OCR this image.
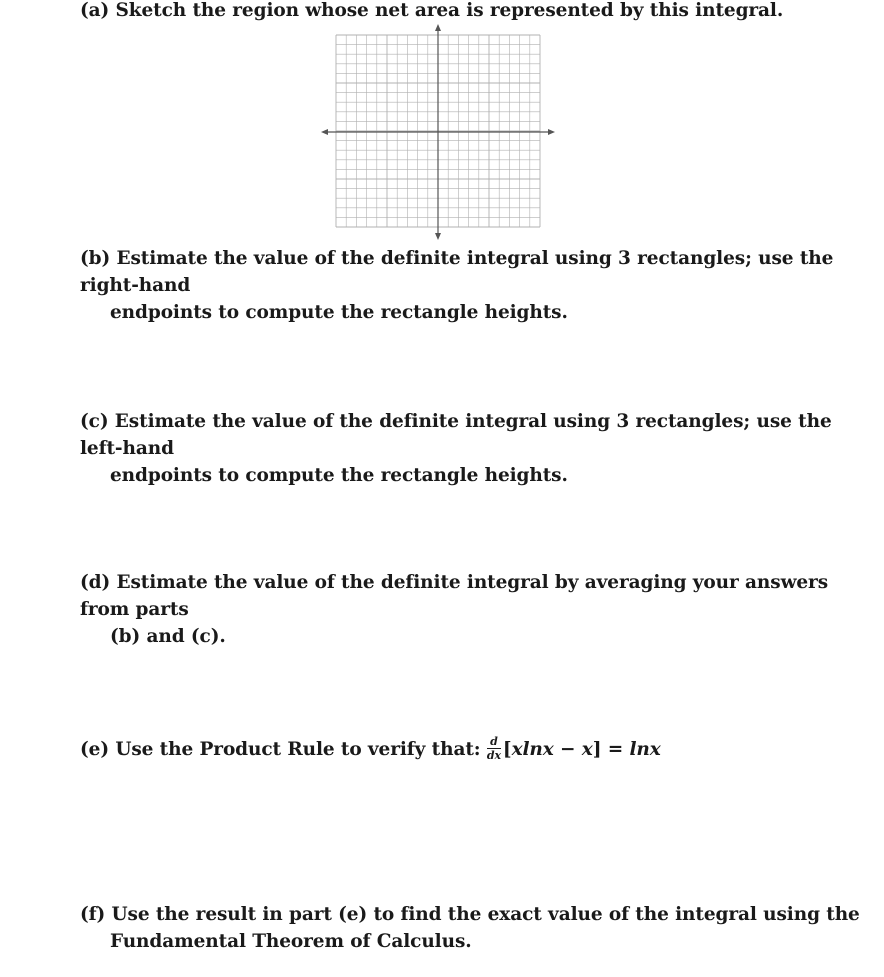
(a) Sketch the region whose net area is represented by this integral.
(b) Estimate the value of the definite integral using 3 rectangles; use the right-hand
endpoints to compute the rectangle heights.
(c) Estimate the value of the definite integral using 3 rectangles; use the left-hand
endpoints to compute the rectangle heights.
(d) Estimate the value of the definite integral by averaging your answers from parts
(b) and (c).
(e) Use the Product Rule to verify that: $\frac{d}{dx} [xlnx - x] = \ln x$
(f) Use the result in part (e) to find the exact value of the integral using the
Fundamental Theorem of Calculus.
